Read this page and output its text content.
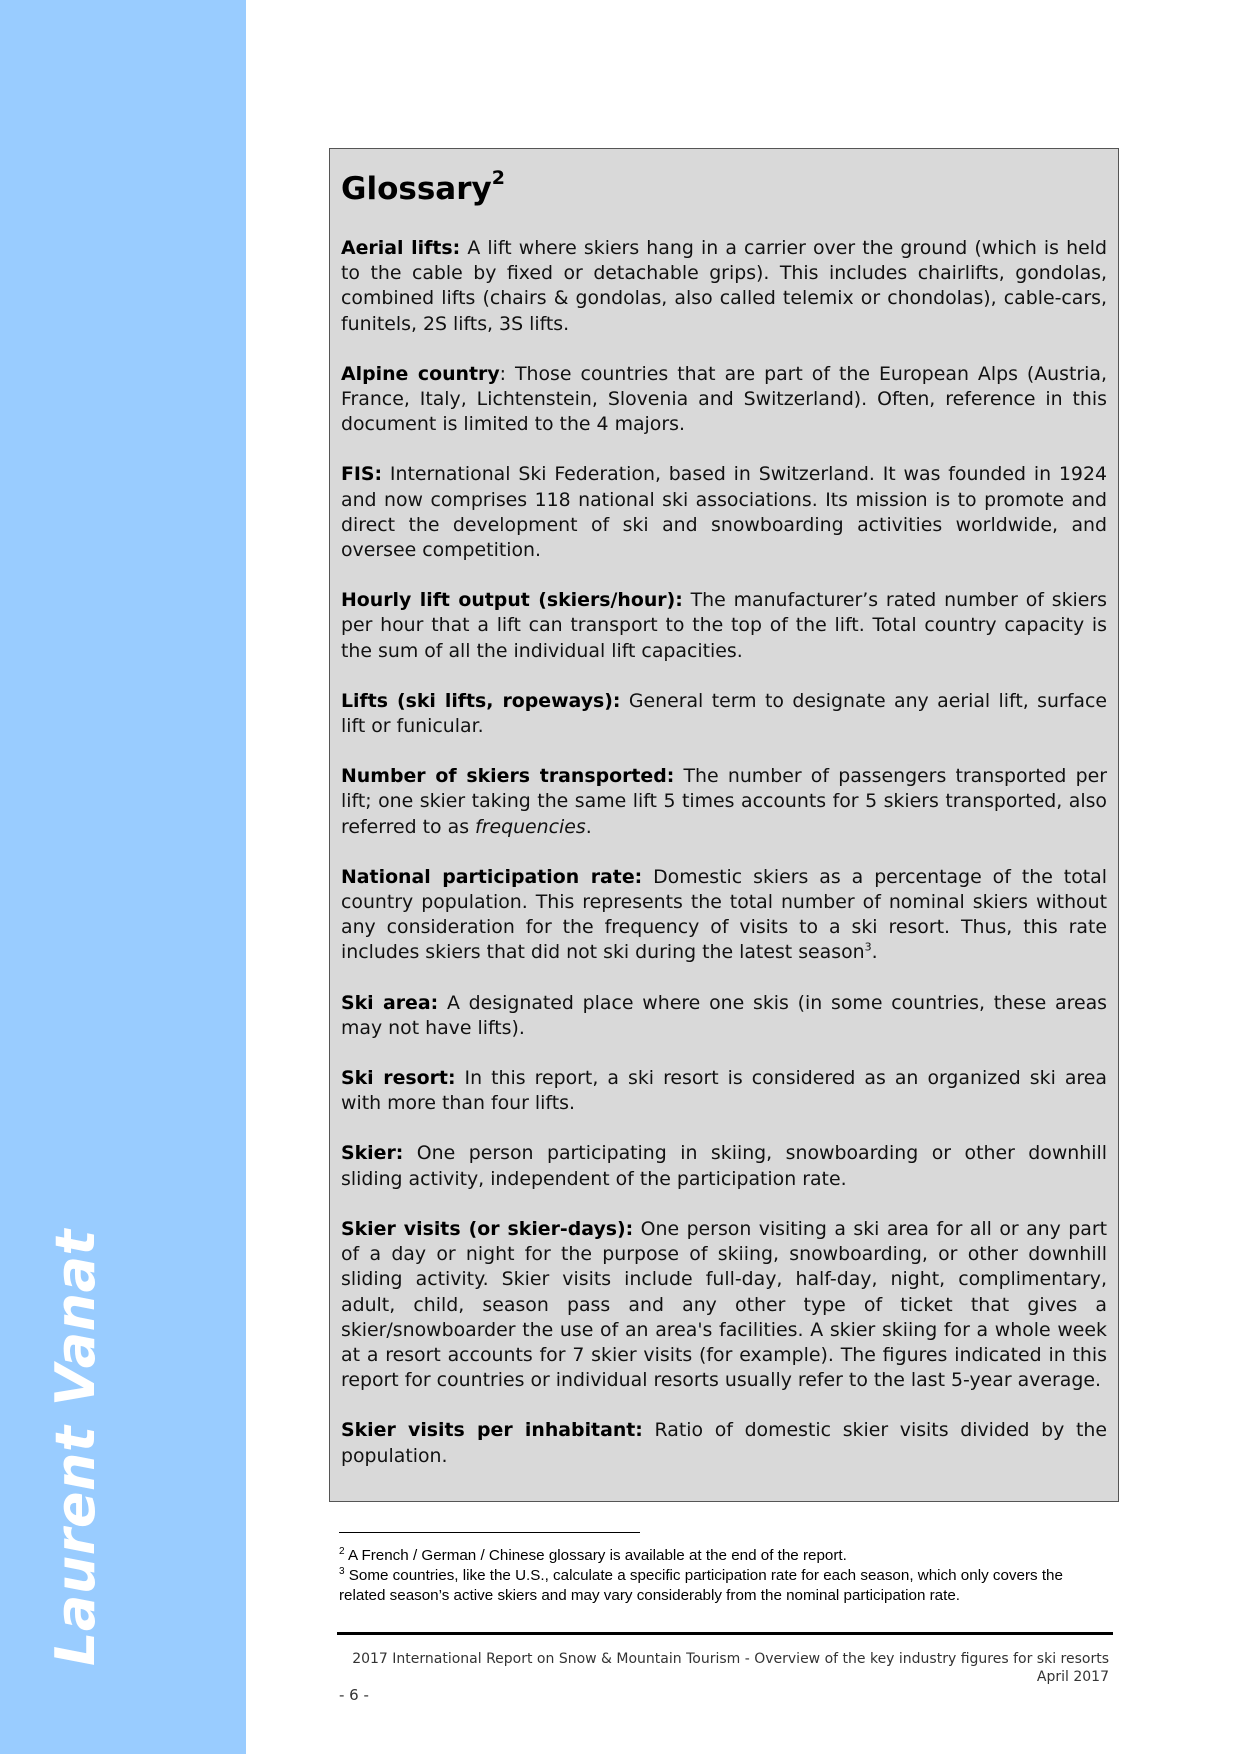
Laurent Vanat
Glossary$^2$

Aerial lifts: A lift where skiers hang in a carrier over the ground (which is held to the cable by fixed or detachable grips). This includes chairlifts, gondolas, combined lifts (chairs & gondolas, also called telemix or chondolas), cable-cars, funitels, 2S lifts, 3S lifts.

Alpine country: Those countries that are part of the European Alps (Austria, France, Italy, Lichtenstein, Slovenia and Switzerland). Often, reference in this document is limited to the 4 majors.

FIS: International Ski Federation, based in Switzerland. It was founded in 1924 and now comprises 118 national ski associations. Its mission is to promote and direct the development of ski and snowboarding activities worldwide, and oversee competition.

Hourly lift output (skiers/hour): The manufacturer’s rated number of skiers per hour that a lift can transport to the top of the lift. Total country capacity is the sum of all the individual lift capacities.

Lifts (ski lifts, ropeways): General term to designate any aerial lift, surface lift or funicular.

Number of skiers transported: The number of passengers transported per lift; one skier taking the same lift 5 times accounts for 5 skiers transported, also referred to as frequencies.

National participation rate: Domestic skiers as a percentage of the total country population. This represents the total number of nominal skiers without any consideration for the frequency of visits to a ski resort. Thus, this rate includes skiers that did not ski during the latest season$^3$.

Ski area: A designated place where one skis (in some countries, these areas may not have lifts).

Ski resort: In this report, a ski resort is considered as an organized ski area with more than four lifts.

Skier: One person participating in skiing, snowboarding or other downhill sliding activity, independent of the participation rate.

Skier visits (or skier-days): One person visiting a ski area for all or any part of a day or night for the purpose of skiing, snowboarding, or other downhill sliding activity. Skier visits include full-day, half-day, night, complimentary, adult, child, season pass and any other type of ticket that gives a skier/snowboarder the use of an area's facilities. A skier skiing for a whole week at a resort accounts for 7 skier visits (for example). The figures indicated in this report for countries or individual resorts usually refer to the last 5-year average.

Skier visits per inhabitant: Ratio of domestic skier visits divided by the population.

$^2$ A French / German / Chinese glossary is available at the end of the report.

$^3$ Some countries, like the U.S., calculate a specific participation rate for each season, which only covers the related season’s active skiers and may vary considerably from the nominal participation rate.

2017 International Report on Snow & Mountain Tourism - Overview of the key industry figures for ski resorts
April 2017
- 6 -
